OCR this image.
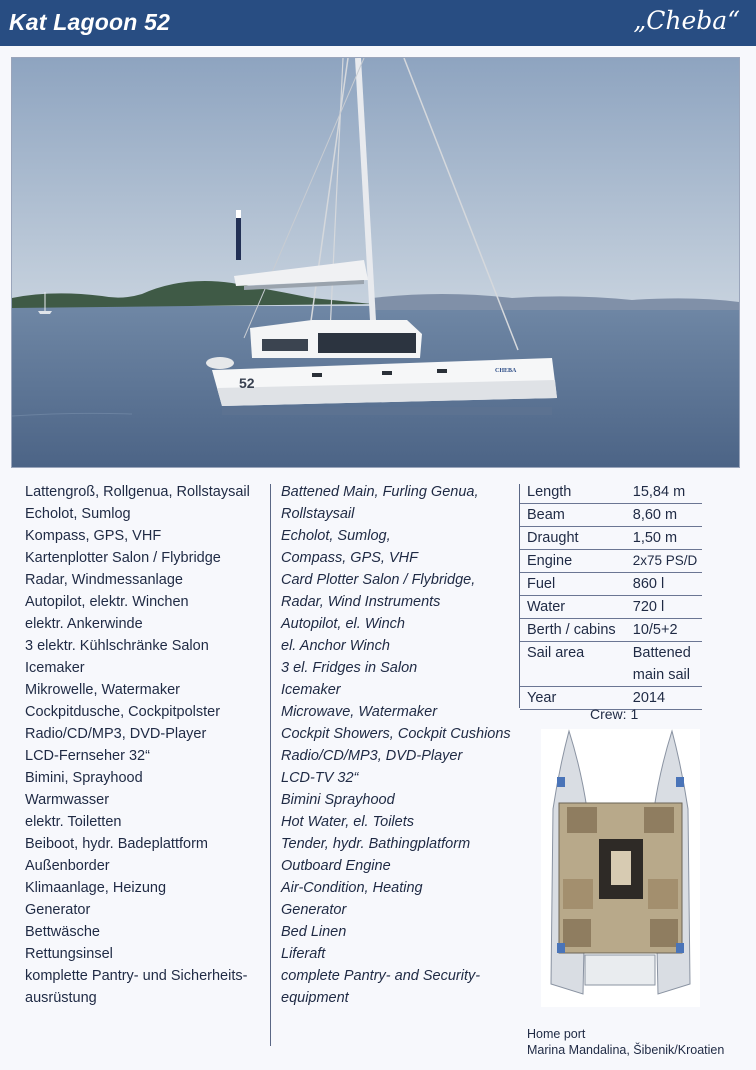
Kat Lagoon 52	„Cheba“
52
CHEBA
Lattengroß, Rollgenua, Rollstaysail
Echolot, Sumlog
Kompass, GPS, VHF
Kartenplotter Salon / Flybridge
Radar, Windmessanlage
Autopilot, elektr. Winchen
elektr. Ankerwinde
3 elektr. Kühlschränke Salon
Icemaker
Mikrowelle, Watermaker
Cockpitdusche, Cockpitpolster
Radio/CD/MP3, DVD-Player
LCD-Fernseher 32“
Bimini, Sprayhood
Warmwasser
elektr. Toiletten
Beiboot, hydr. Badeplattform
Außenborder
Klimaanlage, Heizung
Generator
Bettwäsche
Rettungsinsel
komplette Pantry- und Sicherheits-
ausrüstung
Battened Main, Furling Genua,
Rollstaysail
Echolot, Sumlog,
Compass, GPS, VHF
Card Plotter Salon / Flybridge,
Radar, Wind Instruments
Autopilot, el. Winch
el. Anchor Winch
3 el. Fridges in Salon
Icemaker
Microwave, Watermaker
Cockpit Showers, Cockpit Cushions
Radio/CD/MP3, DVD-Player
LCD-TV 32“
Bimini Sprayhood
Hot Water, el. Toilets
Tender, hydr. Bathingplatform
Outboard Engine
Air-Condition, Heating
Generator
Bed Linen
Liferaft
complete Pantry- and Security-
equipment
Length	15,84 m
Beam	8,60 m
Draught	1,50 m
Engine	2x75 PS/D
Fuel	860 l
Water	720 l
Berth / cabins	10/5+2
Sail area	Battened
main sail
Year	2014
Crew: 1
Home port
Marina Mandalina, Šibenik/Kroatien
